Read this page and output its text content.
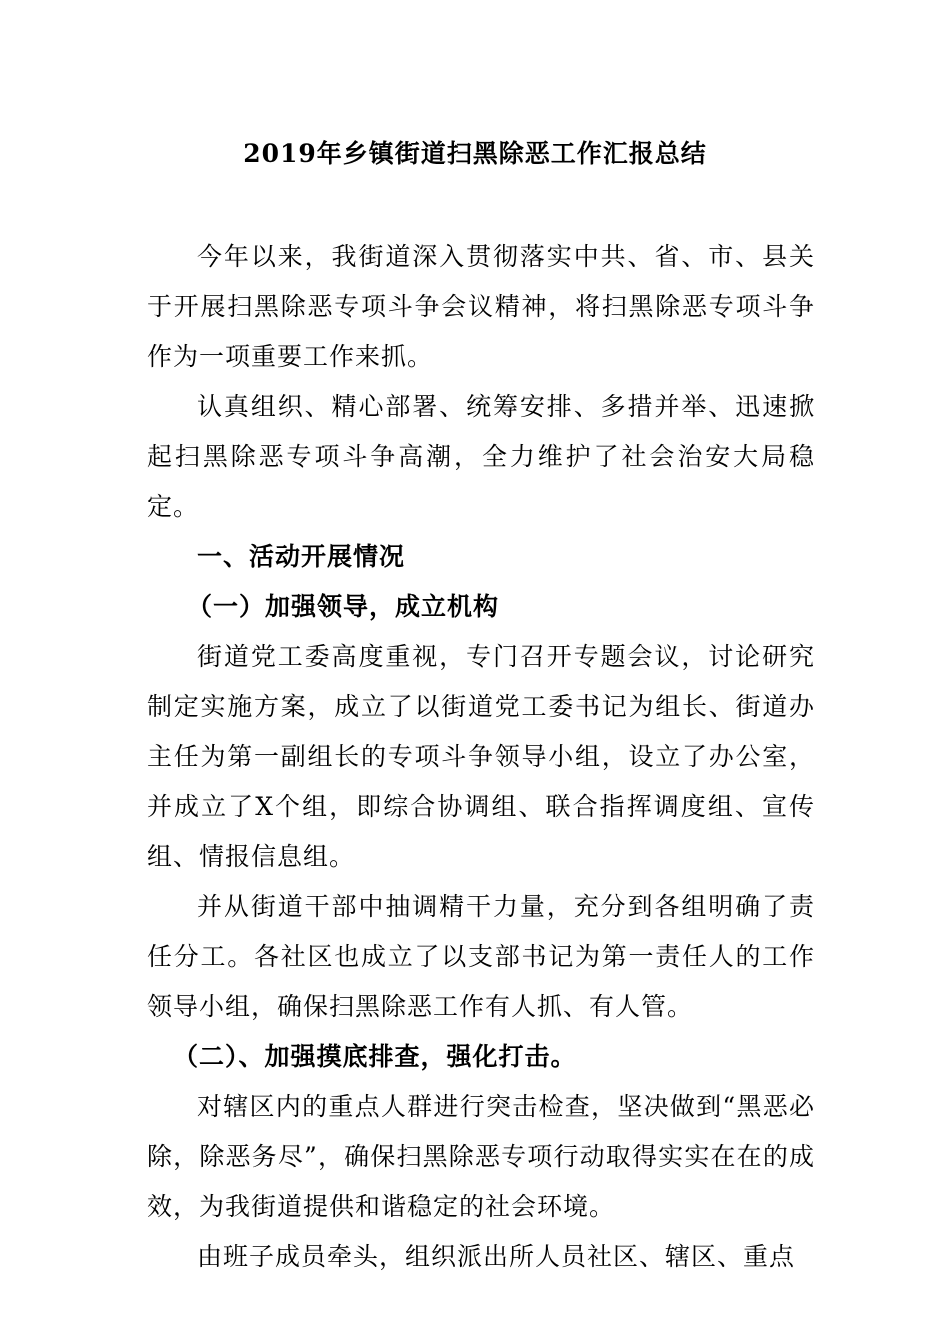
2019年乡镇街道扫黑除恶工作汇报总结

今年以来，我街道深入贯彻落实中共、省、市、县关于开展扫黑除恶专项斗争会议精神，将扫黑除恶专项斗争作为一项重要工作来抓。

认真组织、精心部署、统筹安排、多措并举、迅速掀起扫黑除恶专项斗争高潮，全力维护了社会治安大局稳定。

一、活动开展情况

（一）加强领导，成立机构

街道党工委高度重视，专门召开专题会议，讨论研究制定实施方案，成立了以街道党工委书记为组长、街道办主任为第一副组长的专项斗争领导小组，设立了办公室，并成立了X个组，即综合协调组、联合指挥调度组、宣传组、情报信息组。

并从街道干部中抽调精干力量，充分到各组明确了责任分工。各社区也成立了以支部书记为第一责任人的工作领导小组，确保扫黑除恶工作有人抓、有人管。

（二）、加强摸底排查，强化打击。

对辖区内的重点人群进行突击检查，坚决做到“黑恶必除，除恶务尽”，确保扫黑除恶专项行动取得实实在在的成效，为我街道提供和谐稳定的社会环境。

由班子成员牵头，组织派出所人员社区、辖区、重点
